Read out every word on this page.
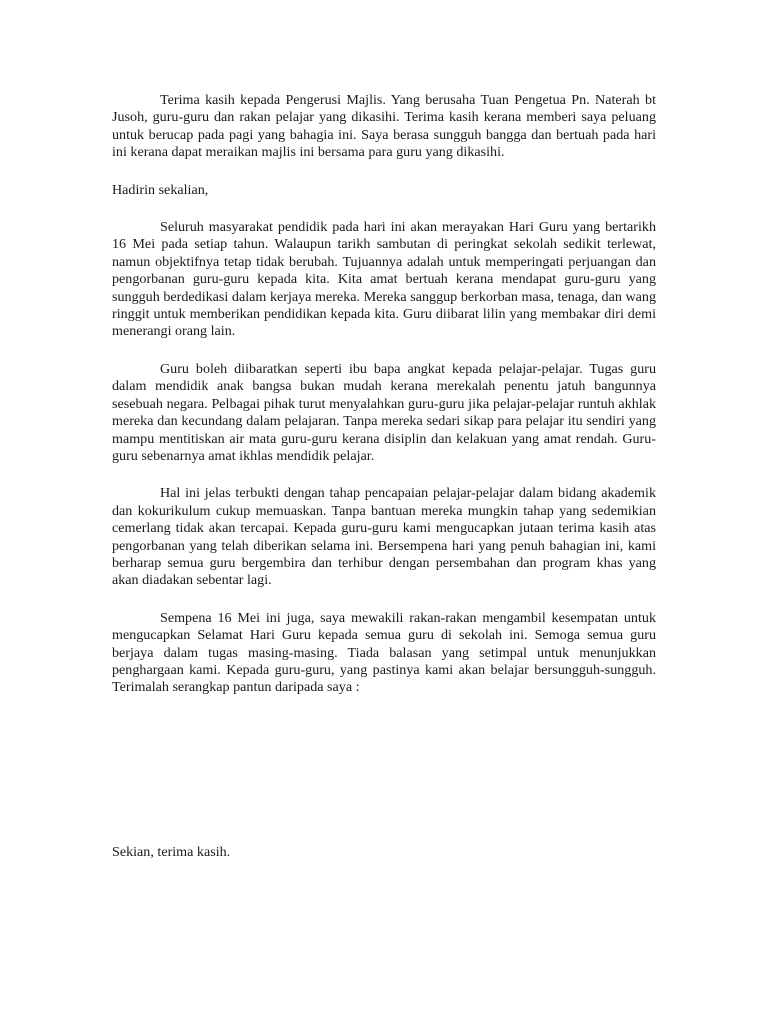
Terima kasih kepada Pengerusi Majlis. Yang berusaha Tuan Pengetua Pn. Naterah bt Jusoh, guru-guru dan rakan pelajar yang dikasihi. Terima kasih kerana memberi saya peluang untuk berucap pada pagi yang bahagia ini. Saya berasa sungguh bangga dan bertuah pada hari ini kerana dapat meraikan majlis ini bersama para guru yang dikasihi.

Hadirin sekalian,

Seluruh masyarakat pendidik pada hari ini akan merayakan Hari Guru yang bertarikh 16 Mei pada setiap tahun. Walaupun tarikh sambutan di peringkat sekolah sedikit terlewat, namun objektifnya tetap tidak berubah. Tujuannya adalah untuk memperingati perjuangan dan pengorbanan guru-guru kepada kita. Kita amat bertuah kerana mendapat guru-guru yang sungguh berdedikasi dalam kerjaya mereka. Mereka sanggup berkorban masa, tenaga, dan wang ringgit untuk memberikan pendidikan kepada kita. Guru diibarat lilin yang membakar diri demi menerangi orang lain.

Guru boleh diibaratkan seperti ibu bapa angkat kepada pelajar-pelajar. Tugas guru dalam mendidik anak bangsa bukan mudah kerana merekalah penentu jatuh bangunnya sesebuah negara. Pelbagai pihak turut menyalahkan guru-guru jika pelajar-pelajar runtuh akhlak mereka dan kecundang dalam pelajaran. Tanpa mereka sedari sikap para pelajar itu sendiri yang mampu mentitiskan air mata guru-guru kerana disiplin dan kelakuan yang amat rendah. Guru-guru sebenarnya amat ikhlas mendidik pelajar.

Hal ini jelas terbukti dengan tahap pencapaian pelajar-pelajar dalam bidang akademik dan kokurikulum cukup memuaskan. Tanpa bantuan mereka mungkin tahap yang sedemikian cemerlang tidak akan tercapai. Kepada guru-guru kami mengucapkan jutaan terima kasih atas pengorbanan yang telah diberikan selama ini. Bersempena hari yang penuh bahagian ini, kami berharap semua guru bergembira dan terhibur dengan persembahan dan program khas yang akan diadakan sebentar lagi.

Sempena 16 Mei ini juga, saya mewakili rakan-rakan mengambil kesempatan untuk mengucapkan Selamat Hari Guru kepada semua guru di sekolah ini. Semoga semua guru berjaya dalam tugas masing-masing. Tiada balasan yang setimpal untuk menunjukkan penghargaan kami. Kepada guru-guru, yang pastinya kami akan belajar bersungguh-sungguh. Terimalah serangkap pantun daripada saya :

Sekian, terima kasih.
